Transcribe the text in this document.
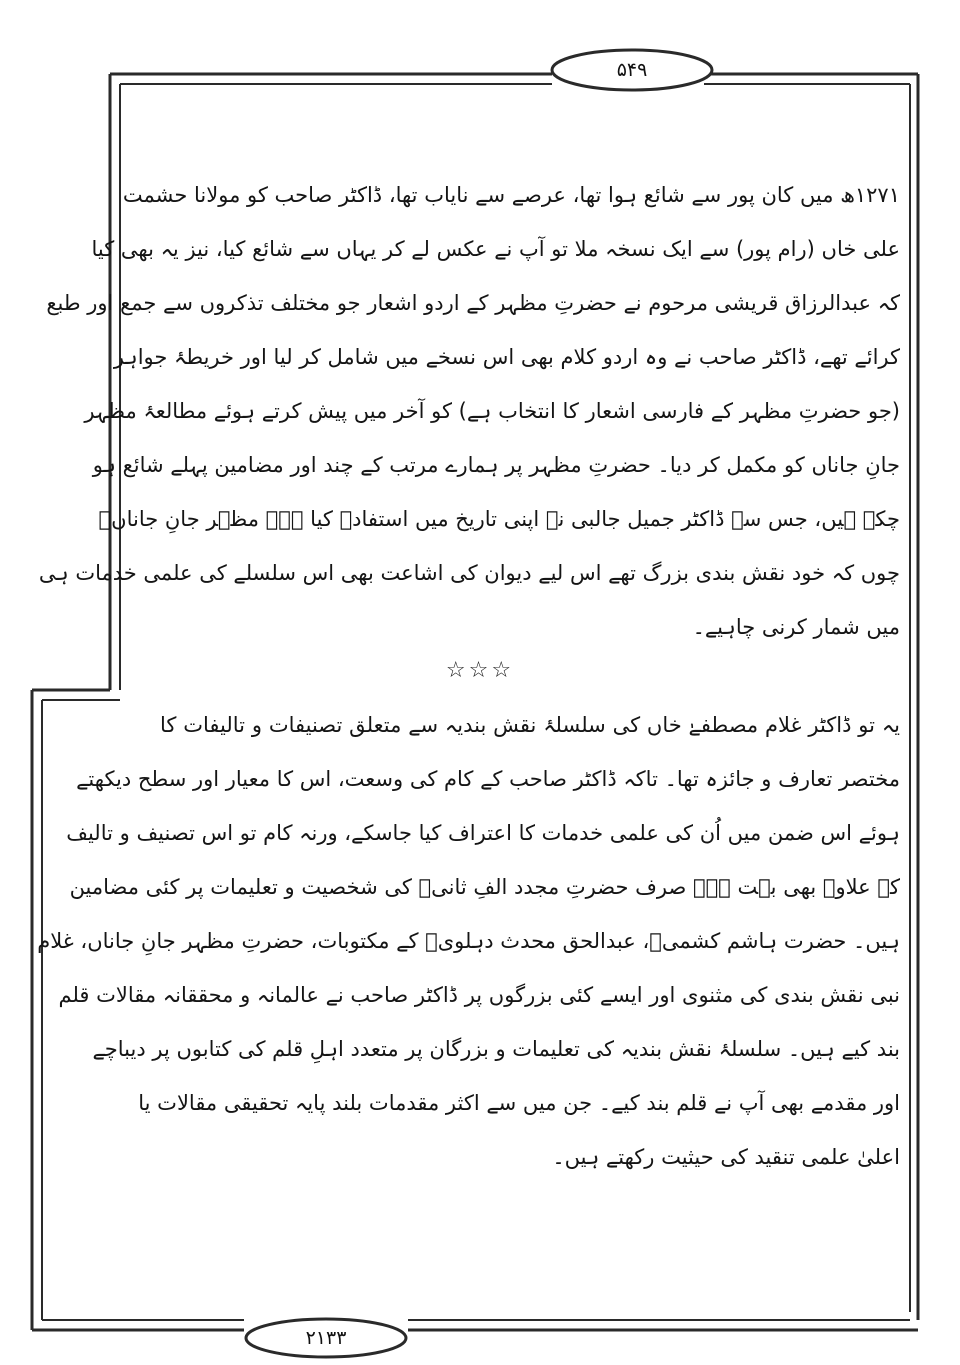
۵۴۹
۲۱۳۳
۱۲۷۱ھ میں کان پور سے شائع ہوا تھا، عرصے سے نایاب تھا، ڈاکٹر صاحب کو مولانا حشمت
علی خاں (رام پور) سے ایک نسخہ ملا تو آپ نے عکس لے کر یہاں سے شائع کیا، نیز یہ بھی کیا
کہ عبدالرزاق قریشی مرحوم نے حضرتِ مظہر کے اردو اشعار جو مختلف تذکروں سے جمع اور طبع
کرائے تھے، ڈاکٹر صاحب نے وہ اردو کلام بھی اس نسخے میں شامل کر لیا اور خریطۂ جواہر
(جو حضرتِ مظہر کے فارسی اشعار کا انتخاب ہے) کو آخر میں پیش کرتے ہوئے مطالعۂ مظہر
جانِ جاناں کو مکمل کر دیا۔ حضرتِ مظہر پر ہمارے مرتب کے چند اور مضامین پہلے شائع ہو
چکے ہیں، جس سے ڈاکٹر جمیل جالبی نے اپنی تاریخ میں استفادہ کیا ہے۔ مظہر جانِ جاناںؒ
چوں کہ خود نقش بندی بزرگ تھے اس لیے دیوان کی اشاعت بھی اس سلسلے کی علمی خدمات ہی
میں شمار کرنی چاہیے۔
☆☆☆
یہ تو ڈاکٹر غلام مصطفےٰ خاں کی سلسلۂ نقش بندیہ سے متعلق تصنیفات و تالیفات کا
مختصر تعارف و جائزہ تھا۔ تاکہ ڈاکٹر صاحب کے کام کی وسعت، اس کا معیار اور سطح دیکھتے
ہوئے اس ضمن میں اُن کی علمی خدمات کا اعتراف کیا جاسکے، ورنہ کام تو اس تصنیف و تالیف
کے علاوہ بھی بہت ہے۔ صرف حضرتِ مجدد الفِ ثانیؒ کی شخصیت و تعلیمات پر کئی مضامین
ہیں۔ حضرت ہاشم کشمیؒ، عبدالحق محدث دہلویؒ کے مکتوبات، حضرتِ مظہر جانِ جاناں، غلام
نبی نقش بندی کی مثنوی اور ایسے کئی بزرگوں پر ڈاکٹر صاحب نے عالمانہ و محققانہ مقالات قلم
بند کیے ہیں۔ سلسلۂ نقش بندیہ کی تعلیمات و بزرگان پر متعدد اہلِ قلم کی کتابوں پر دیباچے
اور مقدمے بھی آپ نے قلم بند کیے۔ جن میں سے اکثر مقدمات بلند پایہ تحقیقی مقالات یا
اعلیٰ علمی تنقید کی حیثیت رکھتے ہیں۔
